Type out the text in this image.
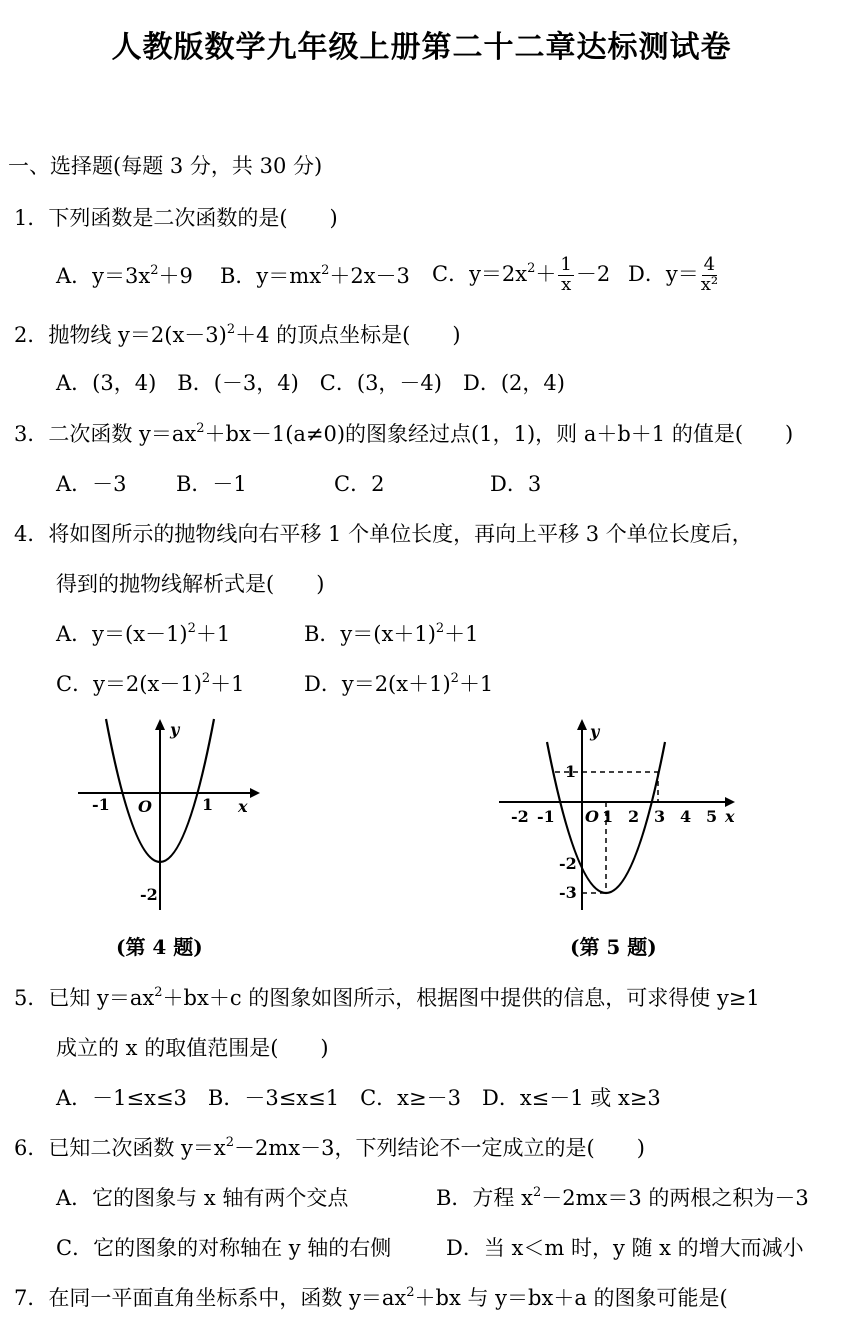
人教版数学九年级上册第二十二章达标测试卷
一、选择题(每题 3 分，共 30 分)
1．下列函数是二次函数的是(　　)
A．$y=3x^2+9$ B．$y=mx^2+2x-3$ C．$y=2x^2+ \frac{1}{x} -2$ D．$y= \frac{4}{\text{x²}}$
2．抛物线 $y=2(x-3)^2+4$ 的顶点坐标是(　　)
A．(3，4)　B．(－3，4)　C．(3，－4)　D．(2，4)
3．二次函数 $y=ax^2+bx-1(a\ne 0)$的图象经过点(1，1)，则 a＋b＋1 的值是(　　)
A．－3 B．－1	C．2	D．3
4．将如图所示的抛物线向右平移 1 个单位长度，再向上平移 3 个单位长度后，
得到的抛物线解析式是(　　)
A．$y=(x-1)^2+1$	B．$y=(x+1)^2+1$
C．$y=2(x-1)^2+1$	D．$y=2(x+1)^2+1$
y
x
O
-1	1
-2
(第 4 题)
y
x
1
O
-2 -1	1 2 3 4 5
-2
-3
(第 5 题)
5．已知 $y=ax^2+bx+c$ 的图象如图所示，根据图中提供的信息，可求得使 y≥1
成立的 x 的取值范围是(　　)
A．－1≤x≤3　B．－3≤x≤1　C．x≥－3　D．x≤－1 或 x≥3
6．已知二次函数 $y=x^2-2mx-3$，下列结论不一定成立的是(　　)
A．它的图象与 x 轴有两个交点	B．方程 $x^2-2mx=3$ 的两根之积为－3
C．它的图象的对称轴在 y 轴的右侧	D．当 x＜m 时，y 随 x 的增大而减小
7．在同一平面直角坐标系中，函数 $y=ax^2+bx$ 与 y＝bx＋a 的图象可能是(
